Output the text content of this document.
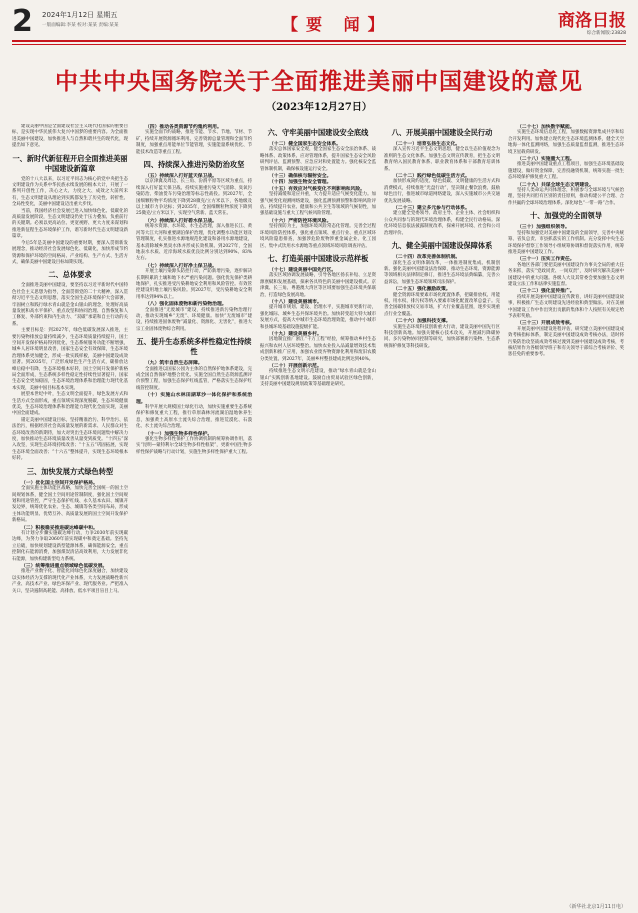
2 2024年1月12日 星期五
一版面编辑:李某 校对:某某 责编:某某	【要 闻】	商洛日报
综合新闻版:23828
中共中央国务院关于全面推进美丽中国建设的意见
（2023年12月27日）

建设美丽中国是全面建设社会主义现代化国家的重要目标，是实现中华民族伟大复兴中国梦的重要内容。为全面推进美丽中国建设，加快推进人与自然和谐共生的现代化，现提出如下意见。

一、新时代新征程开启全面推进美丽中国建设新篇章

党的十八大以来，以习近平同志为核心的党中央把生态文明建设作为关系中华民族永续发展的根本大计，开展了一系列开创性工作，决心之大、力度之大、成效之大前所未有，生态文明建设从理论到实践都发生了历史性、转折性、全局性变化，美丽中国建设迈出重大步伐。

当前，我国经济社会发展已进入加快绿色化、低碳化的高质量发展阶段，生态文明建设仍处于压力叠加、负重前行的关键期。必须以更高站位、更宽视野、更大力度来谋划和推进新征程生态环境保护工作，谱写新时代生态文明建设新篇章。

今后5年是美丽中国建设的重要时期，要深入贯彻新发展理念，推动经济社会发展绿色化、低碳化，加快形成节约资源和保护环境的空间格局、产业结构、生产方式、生活方式，确保美丽中国建设目标如期实现。

二、总体要求

全面推进美丽中国建设，要坚持以习近平新时代中国特色社会主义思想为指导，全面贯彻党的二十大精神，深入贯彻习近平生态文明思想，落实全国生态环境保护大会部署，牢固树立和践行绿水青山就是金山银山的理念，处理好高质量发展和高水平保护、重点攻坚和协同治理、自然恢复和人工修复、外部约束和内生动力、“双碳”承诺和自主行动的关系。

主要目标是：到2027年，绿色低碳发展深入推进，主要污染物排放总量持续减少，生态环境质量持续提升，国土空间开发保护格局得到优化，生态系统服务功能不断增强，城乡人居环境明显改善，国家生态安全有效保障，生态环境治理体系更加健全，形成一批实践样板，美丽中国建设成效显著。到2035年，广泛形成绿色生产生活方式，碳排放达峰后稳中有降，生态环境根本好转，国土空间开发保护新格局全面形成，生态系统多样性稳定性持续性显著提升，国家生态安全更加稳固，生态环境治理体系和治理能力现代化基本实现，美丽中国目标基本实现。

展望本世纪中叶，生态文明全面提升，绿色发展方式和生活方式全面形成，重点领域实现深度脱碳，生态环境健康优美，生态环境治理体系和治理能力现代化全面实现，美丽中国全面建成。

锚定美丽中国建设目标，坚持精准治污、科学治污、依法治污，根据经济社会高质量发展的新需求、人民群众对生态环境改善的新期待，加大对突出生态环境问题集中解决力度，加快推动生态环境质量改善从量变到质变。“十四五”深入攻坚，实现生态环境持续改善；“十五五”巩固拓展，实现生态环境全面改善；“十六五”整体提升，实现生态环境根本好转。

三、加快发展方式绿色转型

（一）优化国土空间开发保护格局。

全面实施主体功能区战略，加快完善全国统一的国土空间规划体系，健全国土空间用途管制制度，强化国土空间规划和用途管控，严守生态保护红线、永久基本农田、城镇开发边界，统筹优化农业、生态、城镇等各类空间布局，形成主体功能明显、优势互补、高质量发展的国土空间开发保护新格局。

（二）积极稳妥推进碳达峰碳中和。

有计划分步骤实施碳达峰行动，力争2030年前实现碳达峰，为努力争取2060年前实现碳中和奠定基础。坚持先立后破，加快规划建设新型能源体系，确保能源安全。重点控制化石能源消费，加强煤炭清洁高效利用，大力发展非化石能源，加快构建新型电力系统。

（三）统筹推进重点领域绿色低碳发展。

推进产业数字化、智能化同绿色化深度融合，加快建设以实体经济为支撑的现代化产业体系，大力发展战略性新兴产业、高技术产业、绿色环保产业、现代服务业。严把准入关口，坚决遏制高耗能、高排放、低水平项目盲目上马。

（四）推动各类资源节约集约利用。

实施全面节约战略，推进节能、节水、节地、节材、节矿，持续开展资源循环利用。完善资源总量管理和全面节约制度，加强重点用能单位节能管理，实施能量系统优化、节能技术改造等重点工程。

四、持续深入推进污染防治攻坚

（五）持续深入打好蓝天保卫战。

以京津冀及周边、长三角、汾渭平原等区域为重点，持续深入打好蓝天保卫战。持续实施重污染天气消除、臭氧污染防治、柴油货车污染治理等标志性战役。到2027年，全国细颗粒物平均浓度下降到28微克/立方米以下，各地级及以上城市力争达标；到2035年，全国细颗粒物浓度下降到25微克/立方米以下，实现空气常新、蓝天常在。

（六）持续深入打好碧水保卫战。

统筹水资源、水环境、水生态治理，深入推进长江、黄河等大江大河和重要湖泊保护治理，优化调整水功能区划及管理制度，扎实推进水源地规范化建设和备用水源地建设，基本消除城乡黑臭水体并形成长效机制。到2027年，全国地表水水质、近岸海域水质优良比例分别达到90%、83%左右。

（七）持续深入打好净土保卫战。

开展土壤污染源头防控行动，严防新增污染，逐步解决长期积累的土壤和地下水严重污染问题。强化优先保护类耕地保护，扎实推进受污染耕地安全利用和风险管控。有效管控建设用地土壤污染风险。到2027年，受污染耕地安全利用率达到94%以上。

（八）强化固体废物和新污染物治理。

全面推进“无废城市”建设，持续推进新污染物治理行动，推动实现城乡“无废”、环境健康。加快“无废城市”建设，持续推进固体废物“减量化、资源化、无害化”，推进大宗工业固体废物综合利用。

五、提升生态系统多样性稳定性持续性

（九）筑牢自然生态屏障。

全面推进以国家公园为主体的自然保护地体系建设，完成全国自然保护地整合优化。实施全国自然生态资源监测评价预警工程，加强生态保护红线监管，严格落实生态保护红线管控制度。

（十）实施山水林田湖草沙一体化保护和系统治理。

科学开展大规模国土绿化行动，加快实施重要生态系统保护和修复重大工程，推行草原森林河流湖泊湿地休养生息，加强黄土高原水土流失综合治理，推进荒漠化、石漠化、水土流失综合治理。

（十一）加强生物多样性保护。

强化生物多样性保护工作协调机制的统筹协调作用，落实“昆明—蒙特利尔全球生物多样性框架”，更新中国生物多样性保护战略与行动计划，实施生物多样性保护重大工程。

六、守牢美丽中国建设安全底线

（十二）健全国家生态安全体系。

落实总体国家安全观，健全国家生态安全法治体系、战略体系、政策体系、应对管理体系，提升国家生态安全风险研判评估、监测预警、应急应对和处置能力。强化核安全监管体制机制，确保核设施运行安全。

（十三）确保核与辐射安全。

（十四）加强生物安全管理。

（十五）有效应对气候变化不利影响和风险。

坚持减缓和适应并重，大力提升适应气候变化能力。加强气候变化观测网络建设，强化监测预测预警和影响风险评估。持续提升农业、健康和公共卫生等领域的气候韧性，加强基础设施与重大工程气候风险管理。

（十六）严密防控环境风险。

坚持预防为主，加强环境风险常态化管理。完善全过程环境风险防控体系，强化重点领域、重点行业、重点区域环境风险隐患排查，加强涉危险废物涉重金属企业、化工园区、集中式饮用水水源地等重点领域环境风险调查评估。

七、打造美丽中国建设示范样板

（十七）建设美丽中国先行区。

落实区域协调发展战略，引导各地区扬长补短、立足资源禀赋和发展基础，探索各具特色的美丽中国建设模式。京津冀、长三角、粤港澳大湾区等区域要加强生态环境共保联治，打造绿色发展高地。

（十八）建设美丽城市。

提升城市规划、建设、治理水平，实施城市更新行动，强化城际、城乡生态共保环境共治。加快转变超大特大城市发展方式，提高大中城市生态环境治理效能，推动中小城市和县城环境基础设施提级扩能。

（十九）建设美丽乡村。

因地制宜推广浙江“千万工程”经验，统筹推动乡村生态振兴和农村人居环境整治。加快农业投入品减量增效技术集成创新和推广应用，加强农业废弃物资源化利用和废旧农膜分类处置。到2027年，美丽乡村整县建成比例达到40%。

（二十）开展创新示范。

持续推进生态文明示范建设，推动“绿水青山就是金山银山”实践创新基地建设。鼓励自由贸易试验区绿色创新，支持美丽中国建设规划政策等基础理论研究。

八、开展美丽中国建设全民行动

（二十一）培育弘扬生态文化。

深入宣传习近平生态文明思想，健全以生态价值观念为准则的生态文化体系。加强生态文明宣传教育，把生态文明教育纳入国民教育体系、职业教育体系和干部教育培训体系。

（二十二）践行绿色低碳生活方式。

加快形成简约适度、绿色低碳、文明健康的生活方式和消费模式，持续推进“光盘行动”，坚决制止餐饮浪费。鼓励绿色出行，推进城市绿道网络建设，深入实施城市公共交通优先发展战略。

（二十三）建立多元参与行动体系。

建立健全党委领导、政府主导、企业主体、社会组织和公众共同参与的现代环境治理体系，构建全民行动格局。深化环境信息依法披露制度改革，探索开展环境、社会和公司治理评价。

九、健全美丽中国建设保障体系

（二十四）改革完善体制机制。

深化生态文明体制改革，一体推进制度集成、机制创新。强化美丽中国建设法治保障，推动生态环境、资源能源等领域相关法律制定修订，推进生态环境法典编纂，完善公益诉讼，加强生态环境领域司法保护。

（二十五）强化激励政策。

健全资源环境要素市场化配置体系，把碳排放权、用能权、用水权、排污权等纳入要素市场化配置改革总盘子。完善全国碳排放权交易市场，扩大行业覆盖范围，逐步实现重点行业全覆盖。

（二十六）加强科技支撑。

实施生态环境科技创新重大行动，建设美丽中国先行区科技创新高地。加强关键核心技术攻关，开展减污降碳协同、多污染物协同控制等研究，加快部署新污染物、生态系统保护修复等科技研发。

（二十七）加快数字赋能。

实施生态环境信息化工程，加强数据资源集成共享和综合开发利用。加快建立现代化生态环境监测体系，健全天空地海一体化监测网络，加强生态质量监督监测，推进生态环境卫星载荷研发。

（二十八）实施重大工程。

推进美丽中国建设重点工程项目，加强生态环境基础设施建设，做好资金保障，完善投融资机制，统筹实施一批生态环境保护修复重大工程。

（二十九）共谋全球生态文明建设。

坚持人类命运共同体理念，积极参与全球环境与气候治理，坚持共同但有区别的责任原则，推动构建公平合理、合作共赢的全球环境治理体系。深化绿色“一带一路”合作。

十、加强党的全面领导

（三十）加强组织领导。

坚持和加强党对美丽中国建设的全面领导，完善中央统筹、省负总责、市县抓落实的工作机制。充分发挥中央生态环境保护督察工作领导小组统筹协调和督促落实作用，统筹推进美丽中国建设工作。

（三十一）压实工作责任。

各地区各部门要把美丽中国建设作为事关全局的重大任务来抓，落实“党政同责、一岗双责”，及时研究解决美丽中国建设中的重大问题。各级人大及其常委会要加强生态文明建设立法工作和法律实施监督。

（三十二）强化宣传推广。

持续开展美丽中国建设宣传教育，讲好美丽中国建设故事，积极推广生态文明建设先进经验和典型做法。对在美丽中国建设工作中作出突出贡献的集体和个人按照有关规定给予表彰奖励。

（三十三）开展成效考核。

开展美丽中国建设进程评估，研究建立美丽中国建设成效考核指标体系，制定美丽中国建设成效考核办法，适时将污染防治攻坚战成效考核过渡到美丽中国建设成效考核，考核结果作为各级领导班子和有关领导干部综合考核评价、奖惩任免的重要参考。

（新华社北京1月11日电）
